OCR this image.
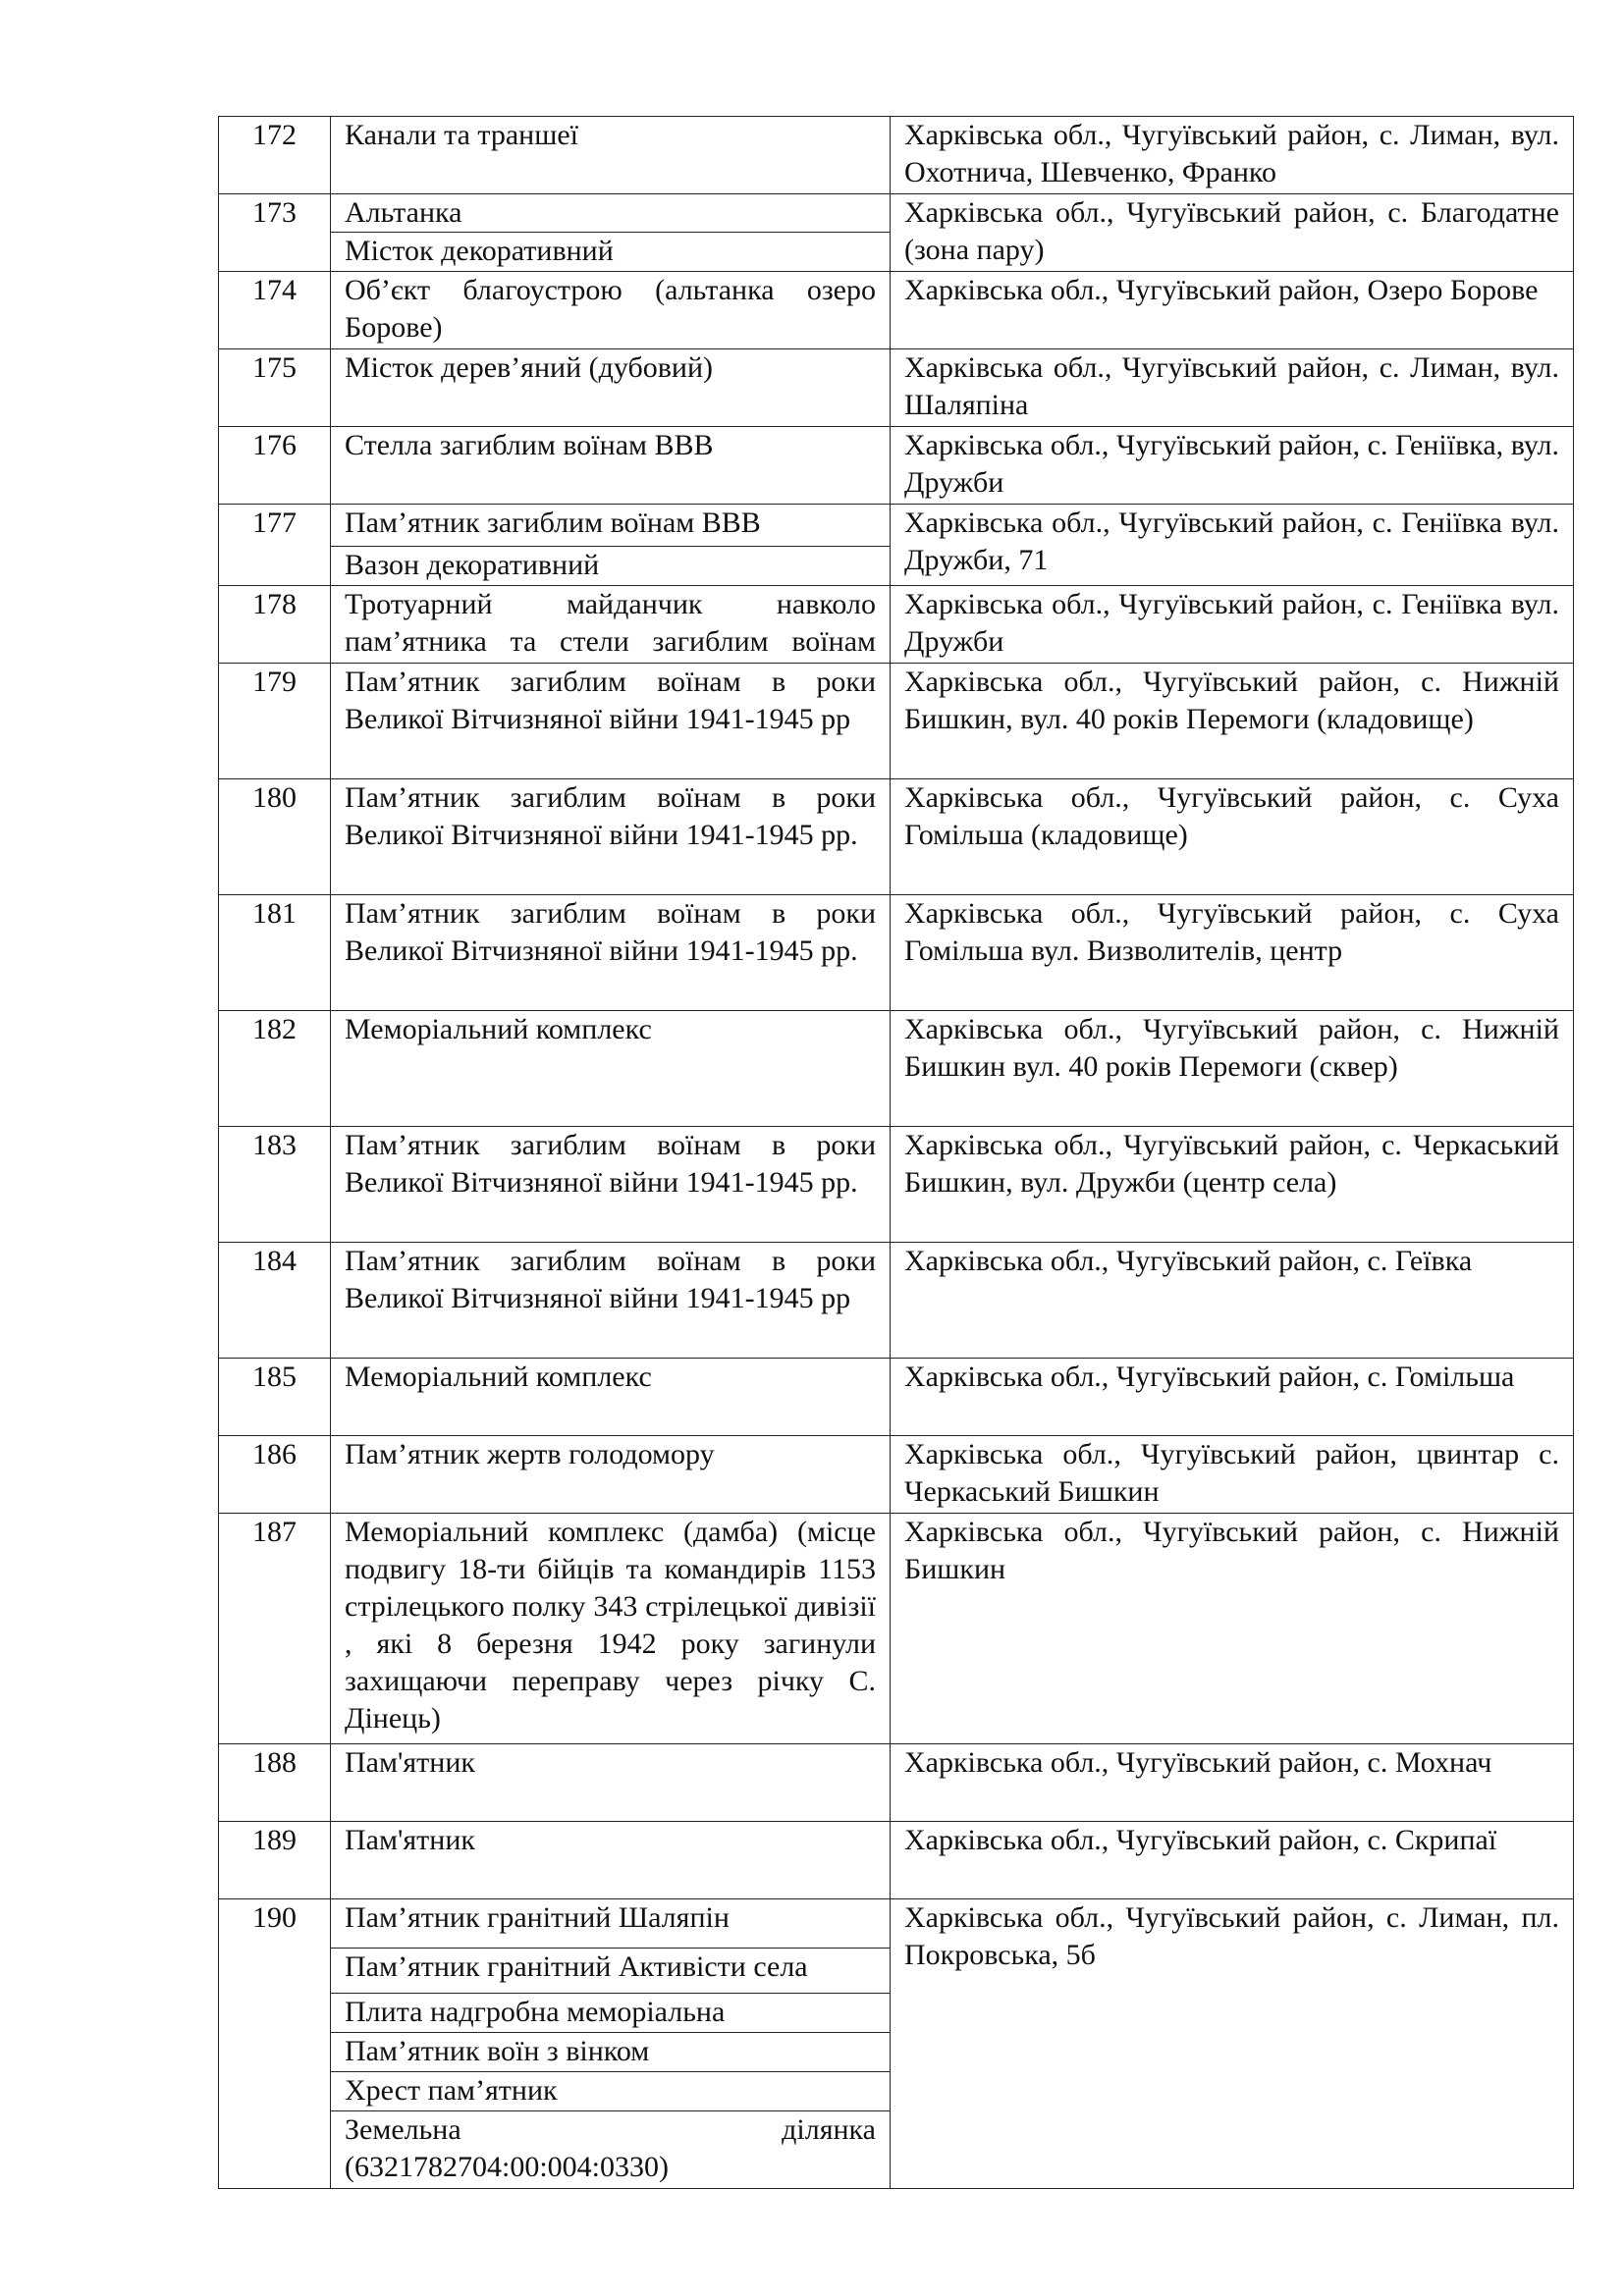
172	Канали та траншеї	Харківська обл., Чугуївський район, с. Лиман, вул. Охотнича, Шевченко, Франко
173	Альтанка	Харківська обл., Чугуївський район, с. Благодатне (зона пару)
	Місток декоративний	
174	Об’єкт благоустрою (альтанка озеро Борове)	Харківська обл., Чугуївський район, Озеро Борове
175	Місток дерев’яний (дубовий)	Харківська обл., Чугуївський район, с. Лиман, вул. Шаляпіна
176	Стелла загиблим воїнам ВВВ	Харківська обл., Чугуївський район, с. Геніївка, вул. Дружби
177	Пам’ятник загиблим воїнам ВВВ	Харківська обл., Чугуївський район, с. Геніївка вул. Дружби, 71
	Вазон декоративний	
178	Тротуарний майданчик навколо пам’ятника та стели загиблим воїнам	Харківська обл., Чугуївський район, с. Геніївка вул. Дружби
179	Пам’ятник загиблим воїнам в роки Великої Вітчизняної війни 1941-1945 рр	Харківська обл., Чугуївський район, с. Нижній Бишкин, вул. 40 років Перемоги (кладовище)
180	Пам’ятник загиблим воїнам в роки Великої Вітчизняної війни 1941-1945 рр.	Харківська обл., Чугуївський район, с. Суха Гомільша (кладовище)
181	Пам’ятник загиблим воїнам в роки Великої Вітчизняної війни 1941-1945 рр.	Харківська обл., Чугуївський район, с. Суха Гомільша вул. Визволителів, центр
182	Меморіальний комплекс	Харківська обл., Чугуївський район, с. Нижній Бишкин вул. 40 років Перемоги (сквер)
183	Пам’ятник загиблим воїнам в роки Великої Вітчизняної війни 1941-1945 рр.	Харківська обл., Чугуївський район, с. Черкаський Бишкин, вул. Дружби (центр села)
184	Пам’ятник загиблим воїнам в роки Великої Вітчизняної війни 1941-1945 рр	Харківська обл., Чугуївський район, с. Геївка
185	Меморіальний комплекс	Харківська обл., Чугуївський район, с. Гомільша
186	Пам’ятник жертв голодомору	Харківська обл., Чугуївський район, цвинтар с. Черкаський Бишкин
187	Меморіальний комплекс (дамба) (місце подвигу 18-ти бійців та командирів 1153 стрілецького полку 343 стрілецької дивізії , які 8 березня 1942 року загинули захищаючи переправу через річку С. Дінець)	Харківська обл., Чугуївський район, с. Нижній Бишкин
188	Пам'ятник	Харківська обл., Чугуївський район, с. Мохнач
189	Пам'ятник	Харківська обл., Чугуївський район, с. Скрипаї
190	Пам’ятник гранітний Шаляпін	Харківська обл., Чугуївський район, с. Лиман, пл. Покровська, 5б
	Пам’ятник гранітний Активісти села	
	Плита надгробна меморіальна	
	Пам’ятник воїн з вінком	
	Хрест пам’ятник	
	Земельна ділянка (6321782704:00:004:0330)	
